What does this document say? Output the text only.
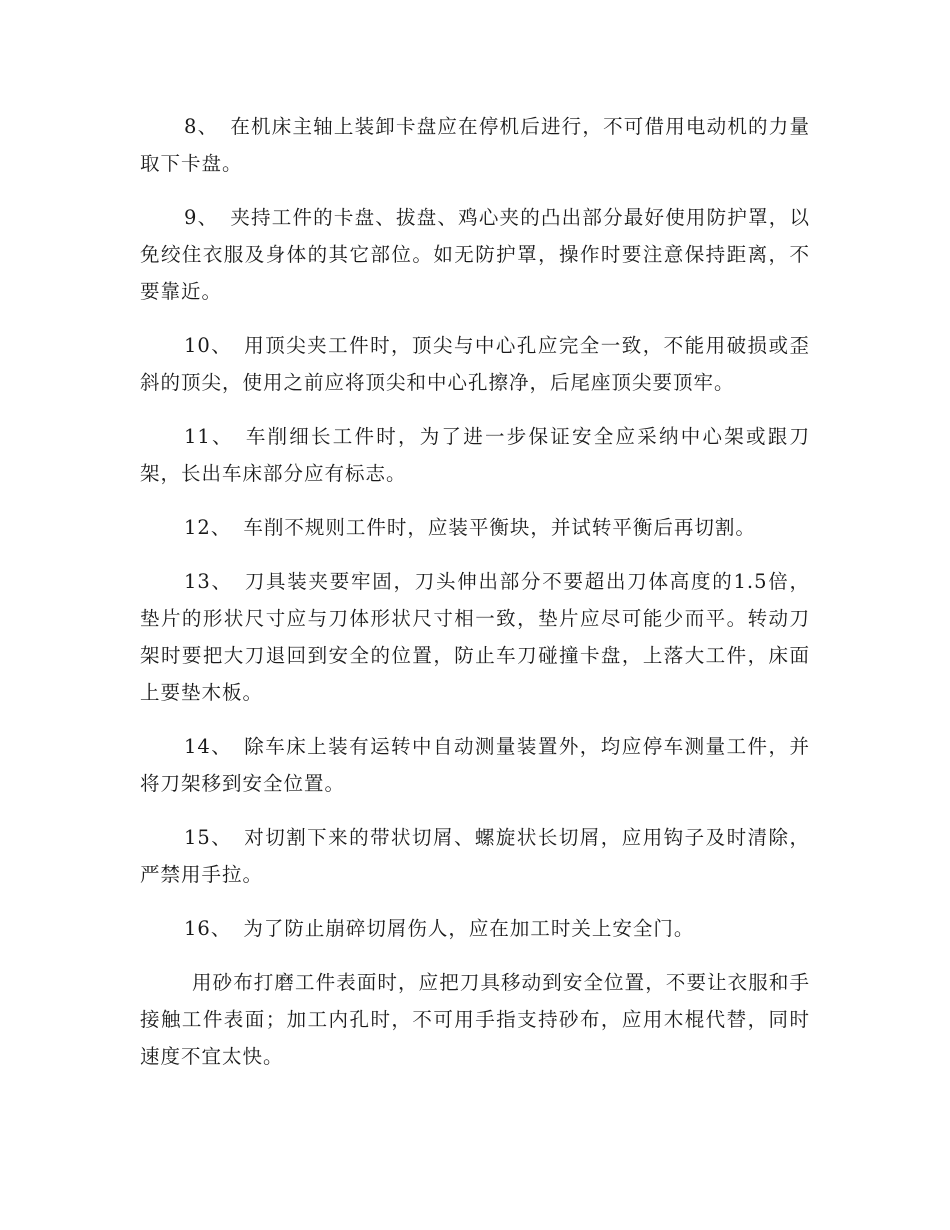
8、 在机床主轴上装卸卡盘应在停机后进行，不可借用电动机的力量取下卡盘。

9、 夹持工件的卡盘、拔盘、鸡心夹的凸出部分最好使用防护罩，以免绞住衣服及身体的其它部位。如无防护罩，操作时要注意保持距离，不要靠近。

10、 用顶尖夹工件时，顶尖与中心孔应完全一致，不能用破损或歪斜的顶尖，使用之前应将顶尖和中心孔擦净，后尾座顶尖要顶牢。

11、 车削细长工件时，为了进一步保证安全应采纳中心架或跟刀架，长出车床部分应有标志。

12、 车削不规则工件时，应装平衡块，并试转平衡后再切割。

13、 刀具装夹要牢固，刀头伸出部分不要超出刀体高度的1.5倍，垫片的形状尺寸应与刀体形状尺寸相一致，垫片应尽可能少而平。转动刀架时要把大刀退回到安全的位置，防止车刀碰撞卡盘，上落大工件，床面上要垫木板。

14、 除车床上装有运转中自动测量装置外，均应停车测量工件，并将刀架移到安全位置。

15、 对切割下来的带状切屑、螺旋状长切屑，应用钩子及时清除，严禁用手拉。

16、 为了防止崩碎切屑伤人，应在加工时关上安全门。

用砂布打磨工件表面时，应把刀具移动到安全位置，不要让衣服和手接触工件表面；加工内孔时，不可用手指支持砂布，应用木棍代替，同时速度不宜太快。
